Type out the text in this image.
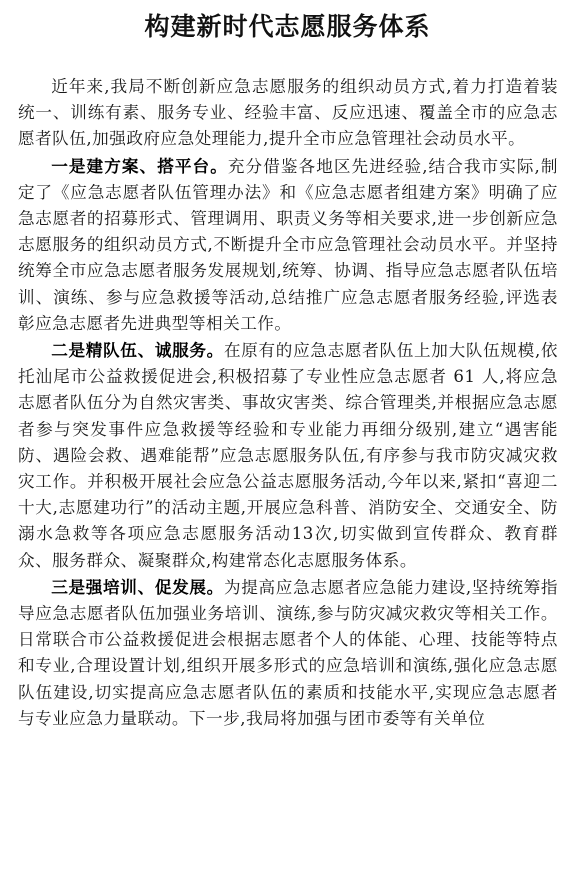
构建新时代志愿服务体系

近年来,我局不断创新应急志愿服务的组织动员方式,着力打造着装统一、训练有素、服务专业、经验丰富、反应迅速、覆盖全市的应急志愿者队伍,加强政府应急处理能力,提升全市应急管理社会动员水平。

一是建方案、搭平台。充分借鉴各地区先进经验,结合我市实际,制定了《应急志愿者队伍管理办法》和《应急志愿者组建方案》明确了应急志愿者的招募形式、管理调用、职责义务等相关要求,进一步创新应急志愿服务的组织动员方式,不断提升全市应急管理社会动员水平。并坚持统筹全市应急志愿者服务发展规划,统筹、协调、指导应急志愿者队伍培训、演练、参与应急救援等活动,总结推广应急志愿者服务经验,评选表彰应急志愿者先进典型等相关工作。

二是精队伍、诚服务。在原有的应急志愿者队伍上加大队伍规模,依托汕尾市公益救援促进会,积极招募了专业性应急志愿者 61 人,将应急志愿者队伍分为自然灾害类、事故灾害类、综合管理类,并根据应急志愿者参与突发事件应急救援等经验和专业能力再细分级别,建立“遇害能防、遇险会救、遇难能帮”应急志愿服务队伍,有序参与我市防灾减灾救灾工作。并积极开展社会应急公益志愿服务活动,今年以来,紧扣“喜迎二十大,志愿建功行”的活动主题,开展应急科普、消防安全、交通安全、防溺水急救等各项应急志愿服务活动13次,切实做到宣传群众、教育群众、服务群众、凝聚群众,构建常态化志愿服务体系。

三是强培训、促发展。为提高应急志愿者应急能力建设,坚持统筹指导应急志愿者队伍加强业务培训、演练,参与防灾减灾救灾等相关工作。日常联合市公益救援促进会根据志愿者个人的体能、心理、技能等特点和专业,合理设置计划,组织开展多形式的应急培训和演练,强化应急志愿队伍建设,切实提高应急志愿者队伍的素质和技能水平,实现应急志愿者与专业应急力量联动。下一步,我局将加强与团市委等有关单位
